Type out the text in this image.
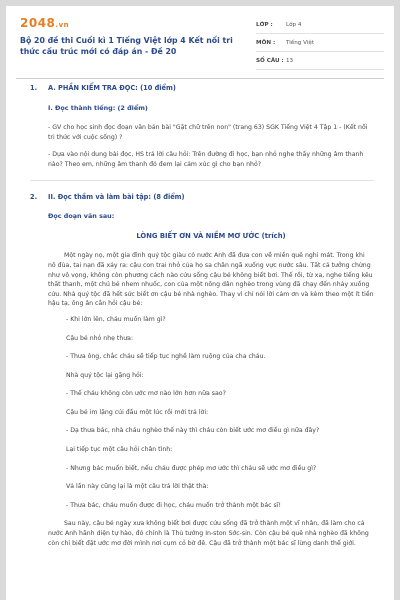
2048.vn
Bộ 20 đề thi Cuối kì 1 Tiếng Việt lớp 4 Kết nối tri thức cấu trúc mới có đáp án - Đề 20
LỚP :	Lớp 4
MÔN :	Tiếng Việt
SỐ CÂU : 13
1. A. PHẦN KIỂM TRA ĐỌC: (10 điểm)
I. Đọc thành tiếng: (2 điểm)
- GV cho học sinh đọc đoạn văn bản bài "Gặt chữ trên non" (trang 63) SGK Tiếng Việt 4 Tập 1 - (Kết nối tri thức với cuộc sống) ?
- Dựa vào nội dung bài đọc, HS trả lời câu hỏi: Trên đường đi học, bạn nhỏ nghe thấy những âm thanh nào? Theo em, những âm thanh đó đem lại cảm xúc gì cho bạn nhỏ?
2. II. Đọc thầm và làm bài tập: (8 điểm)
Đọc đoạn văn sau:
LÒNG BIẾT ƠN VÀ NIỀM MƠ ƯỚC (trích)
Một ngày nọ, một gia đình quý tộc giàu có nước Anh đã đưa con về miền quê nghỉ mát. Trong khi nô đùa, tai nạn đã xảy ra: cậu con trai nhỏ của họ sa chân ngã xuống vực nước sâu. Tất cả tưởng chừng như vô vọng, không còn phương cách nào cứu sống cậu bé không biết bơi. Thế rồi, từ xa, nghe tiếng kêu thất thanh, một chú bé nhem nhuốc, con của một nông dân nghèo trong vùng đã chạy đến nhảy xuống cứu. Nhà quý tộc đã hết sức biết ơn cậu bé nhà nghèo. Thay vì chỉ nói lời cảm ơn và kèm theo một ít tiền hậu tạ, ông ân cần hỏi cậu bé:
- Khi lớn lên, cháu muốn làm gì?
Cậu bé nhỏ nhẹ thưa:
- Thưa ông, chắc cháu sẽ tiếp tục nghề làm ruộng của cha cháu.
Nhà quý tộc lại gặng hỏi:
- Thế cháu không còn ước mơ nào lớn hơn nữa sao?
Cậu bé im lặng cúi đầu một lúc rồi mới trả lời:
- Dạ thưa bác, nhà cháu nghèo thế này thì cháu còn biết ước mơ điều gì nữa đây?
Lại tiếp tục một câu hỏi chân tình:
- Nhưng bác muốn biết, nếu cháu được phép mơ ước thì cháu sẽ ước mơ điều gì?
Vả lần này cũng lại là một câu trả lời thật thà:
- Thưa bác, cháu muốn được đi học, cháu muốn trở thành một bác sĩ!
Sau này, cậu bé ngày xưa không biết bơi được cứu sống đã trở thành một vĩ nhân, đã làm cho cả nước Anh hãnh diện tự hào, đó chính là Thủ tướng In-ston Sớc-sin. Còn cậu bé quê nhà nghèo đã không còn chỉ biết đặt ước mơ đời mình nơi cụm cỏ bờ đê. Cậu đã trở thành một bác sĩ lừng danh thế giới.
